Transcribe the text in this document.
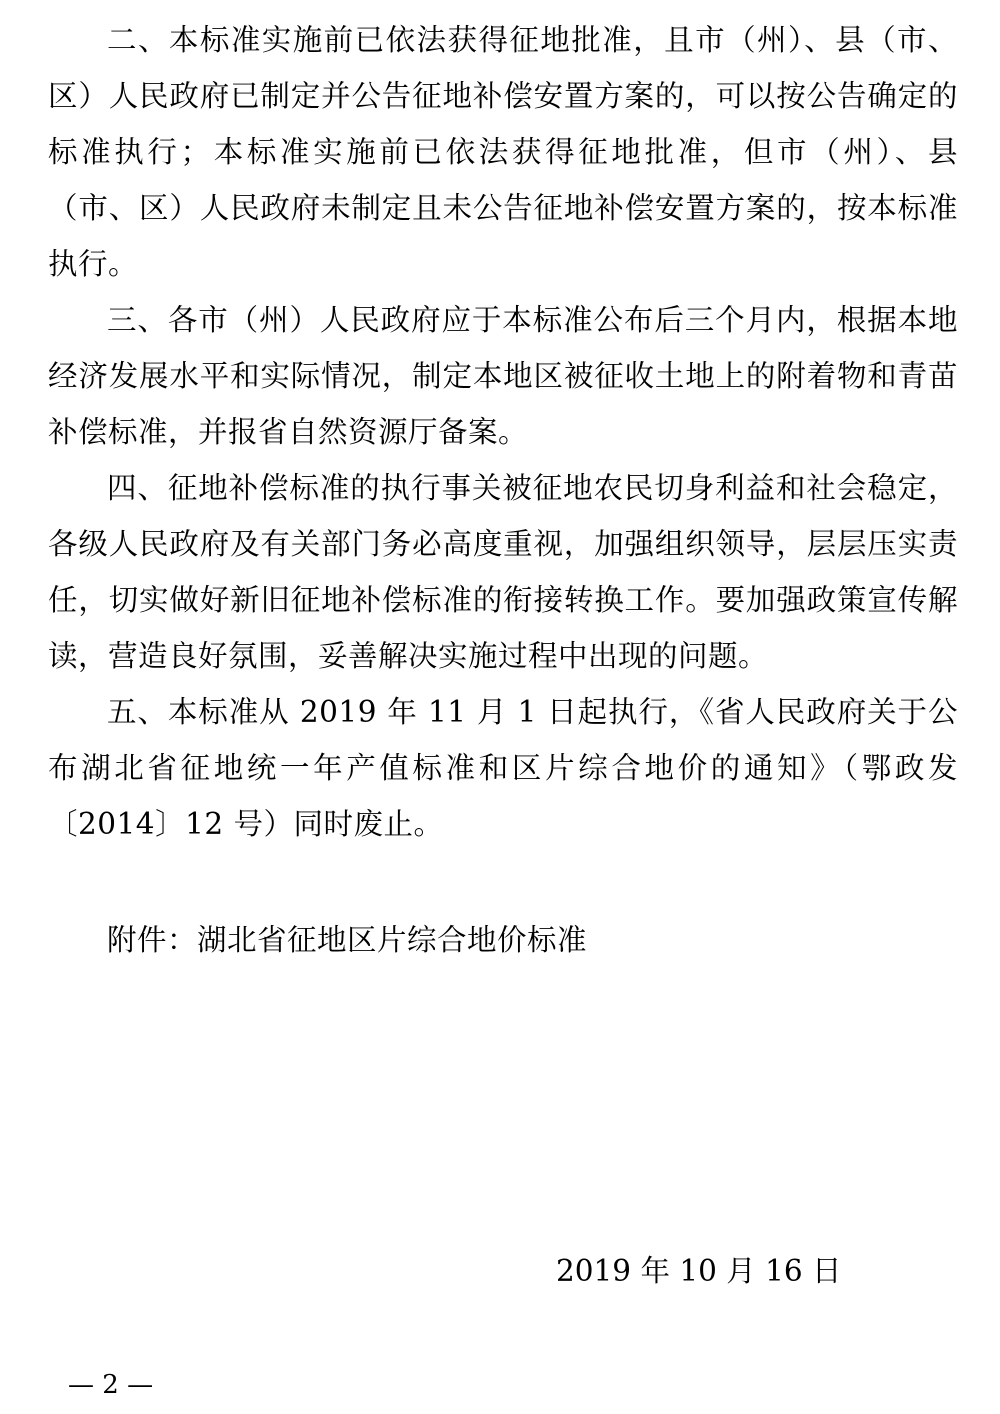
二、本标准实施前已依法获得征地批准，且市（州）、县（市、区）人民政府已制定并公告征地补偿安置方案的，可以按公告确定的标准执行；本标准实施前已依法获得征地批准，但市（州）、县（市、区）人民政府未制定且未公告征地补偿安置方案的，按本标准执行。

三、各市（州）人民政府应于本标准公布后三个月内，根据本地经济发展水平和实际情况，制定本地区被征收土地上的附着物和青苗补偿标准，并报省自然资源厅备案。

四、征地补偿标准的执行事关被征地农民切身利益和社会稳定，各级人民政府及有关部门务必高度重视，加强组织领导，层层压实责任，切实做好新旧征地补偿标准的衔接转换工作。要加强政策宣传解读，营造良好氛围，妥善解决实施过程中出现的问题。

五、本标准从 2019 年 11 月 1 日起执行，《省人民政府关于公布湖北省征地统一年产值标准和区片综合地价的通知》（鄂政发〔2014〕12 号）同时废止。

附件：湖北省征地区片综合地价标准

2019 年 10 月 16 日

— 2 —
